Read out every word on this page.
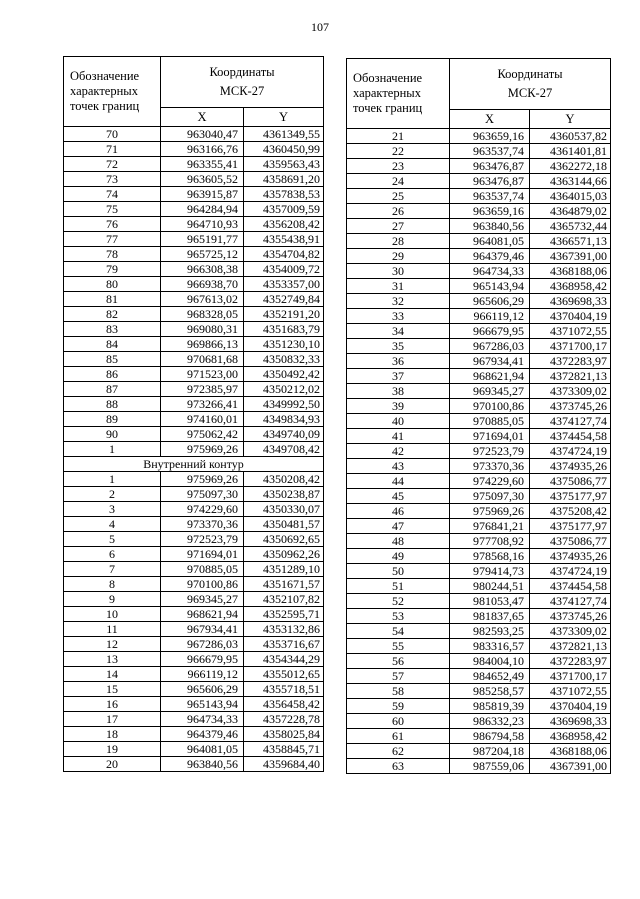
107
Обозначение характерных точек границ	Координаты
МСК-27	
	X	Y
70	963040,47	4361349,55
71	963166,76	4360450,99
72	963355,41	4359563,43
73	963605,52	4358691,20
74	963915,87	4357838,53
75	964284,94	4357009,59
76	964710,93	4356208,42
77	965191,77	4355438,91
78	965725,12	4354704,82
79	966308,38	4354009,72
80	966938,70	4353357,00
81	967613,02	4352749,84
82	968328,05	4352191,20
83	969080,31	4351683,79
84	969866,13	4351230,10
85	970681,68	4350832,33
86	971523,00	4350492,42
87	972385,97	4350212,02
88	973266,41	4349992,50
89	974160,01	4349834,93
90	975062,42	4349740,09
1	975969,26	4349708,42
Внутренний контур		
1	975969,26	4350208,42
2	975097,30	4350238,87
3	974229,60	4350330,07
4	973370,36	4350481,57
5	972523,79	4350692,65
6	971694,01	4350962,26
7	970885,05	4351289,10
8	970100,86	4351671,57
9	969345,27	4352107,82
10	968621,94	4352595,71
11	967934,41	4353132,86
12	967286,03	4353716,67
13	966679,95	4354344,29
14	966119,12	4355012,65
15	965606,29	4355718,51
16	965143,94	4356458,42
17	964734,33	4357228,78
18	964379,46	4358025,84
19	964081,05	4358845,71
20	963840,56	4359684,40
Обозначение характерных точек границ	Координаты
МСК-27	
	X	Y
21	963659,16	4360537,82
22	963537,74	4361401,81
23	963476,87	4362272,18
24	963476,87	4363144,66
25	963537,74	4364015,03
26	963659,16	4364879,02
27	963840,56	4365732,44
28	964081,05	4366571,13
29	964379,46	4367391,00
30	964734,33	4368188,06
31	965143,94	4368958,42
32	965606,29	4369698,33
33	966119,12	4370404,19
34	966679,95	4371072,55
35	967286,03	4371700,17
36	967934,41	4372283,97
37	968621,94	4372821,13
38	969345,27	4373309,02
39	970100,86	4373745,26
40	970885,05	4374127,74
41	971694,01	4374454,58
42	972523,79	4374724,19
43	973370,36	4374935,26
44	974229,60	4375086,77
45	975097,30	4375177,97
46	975969,26	4375208,42
47	976841,21	4375177,97
48	977708,92	4375086,77
49	978568,16	4374935,26
50	979414,73	4374724,19
51	980244,51	4374454,58
52	981053,47	4374127,74
53	981837,65	4373745,26
54	982593,25	4373309,02
55	983316,57	4372821,13
56	984004,10	4372283,97
57	984652,49	4371700,17
58	985258,57	4371072,55
59	985819,39	4370404,19
60	986332,23	4369698,33
61	986794,58	4368958,42
62	987204,18	4368188,06
63	987559,06	4367391,00
